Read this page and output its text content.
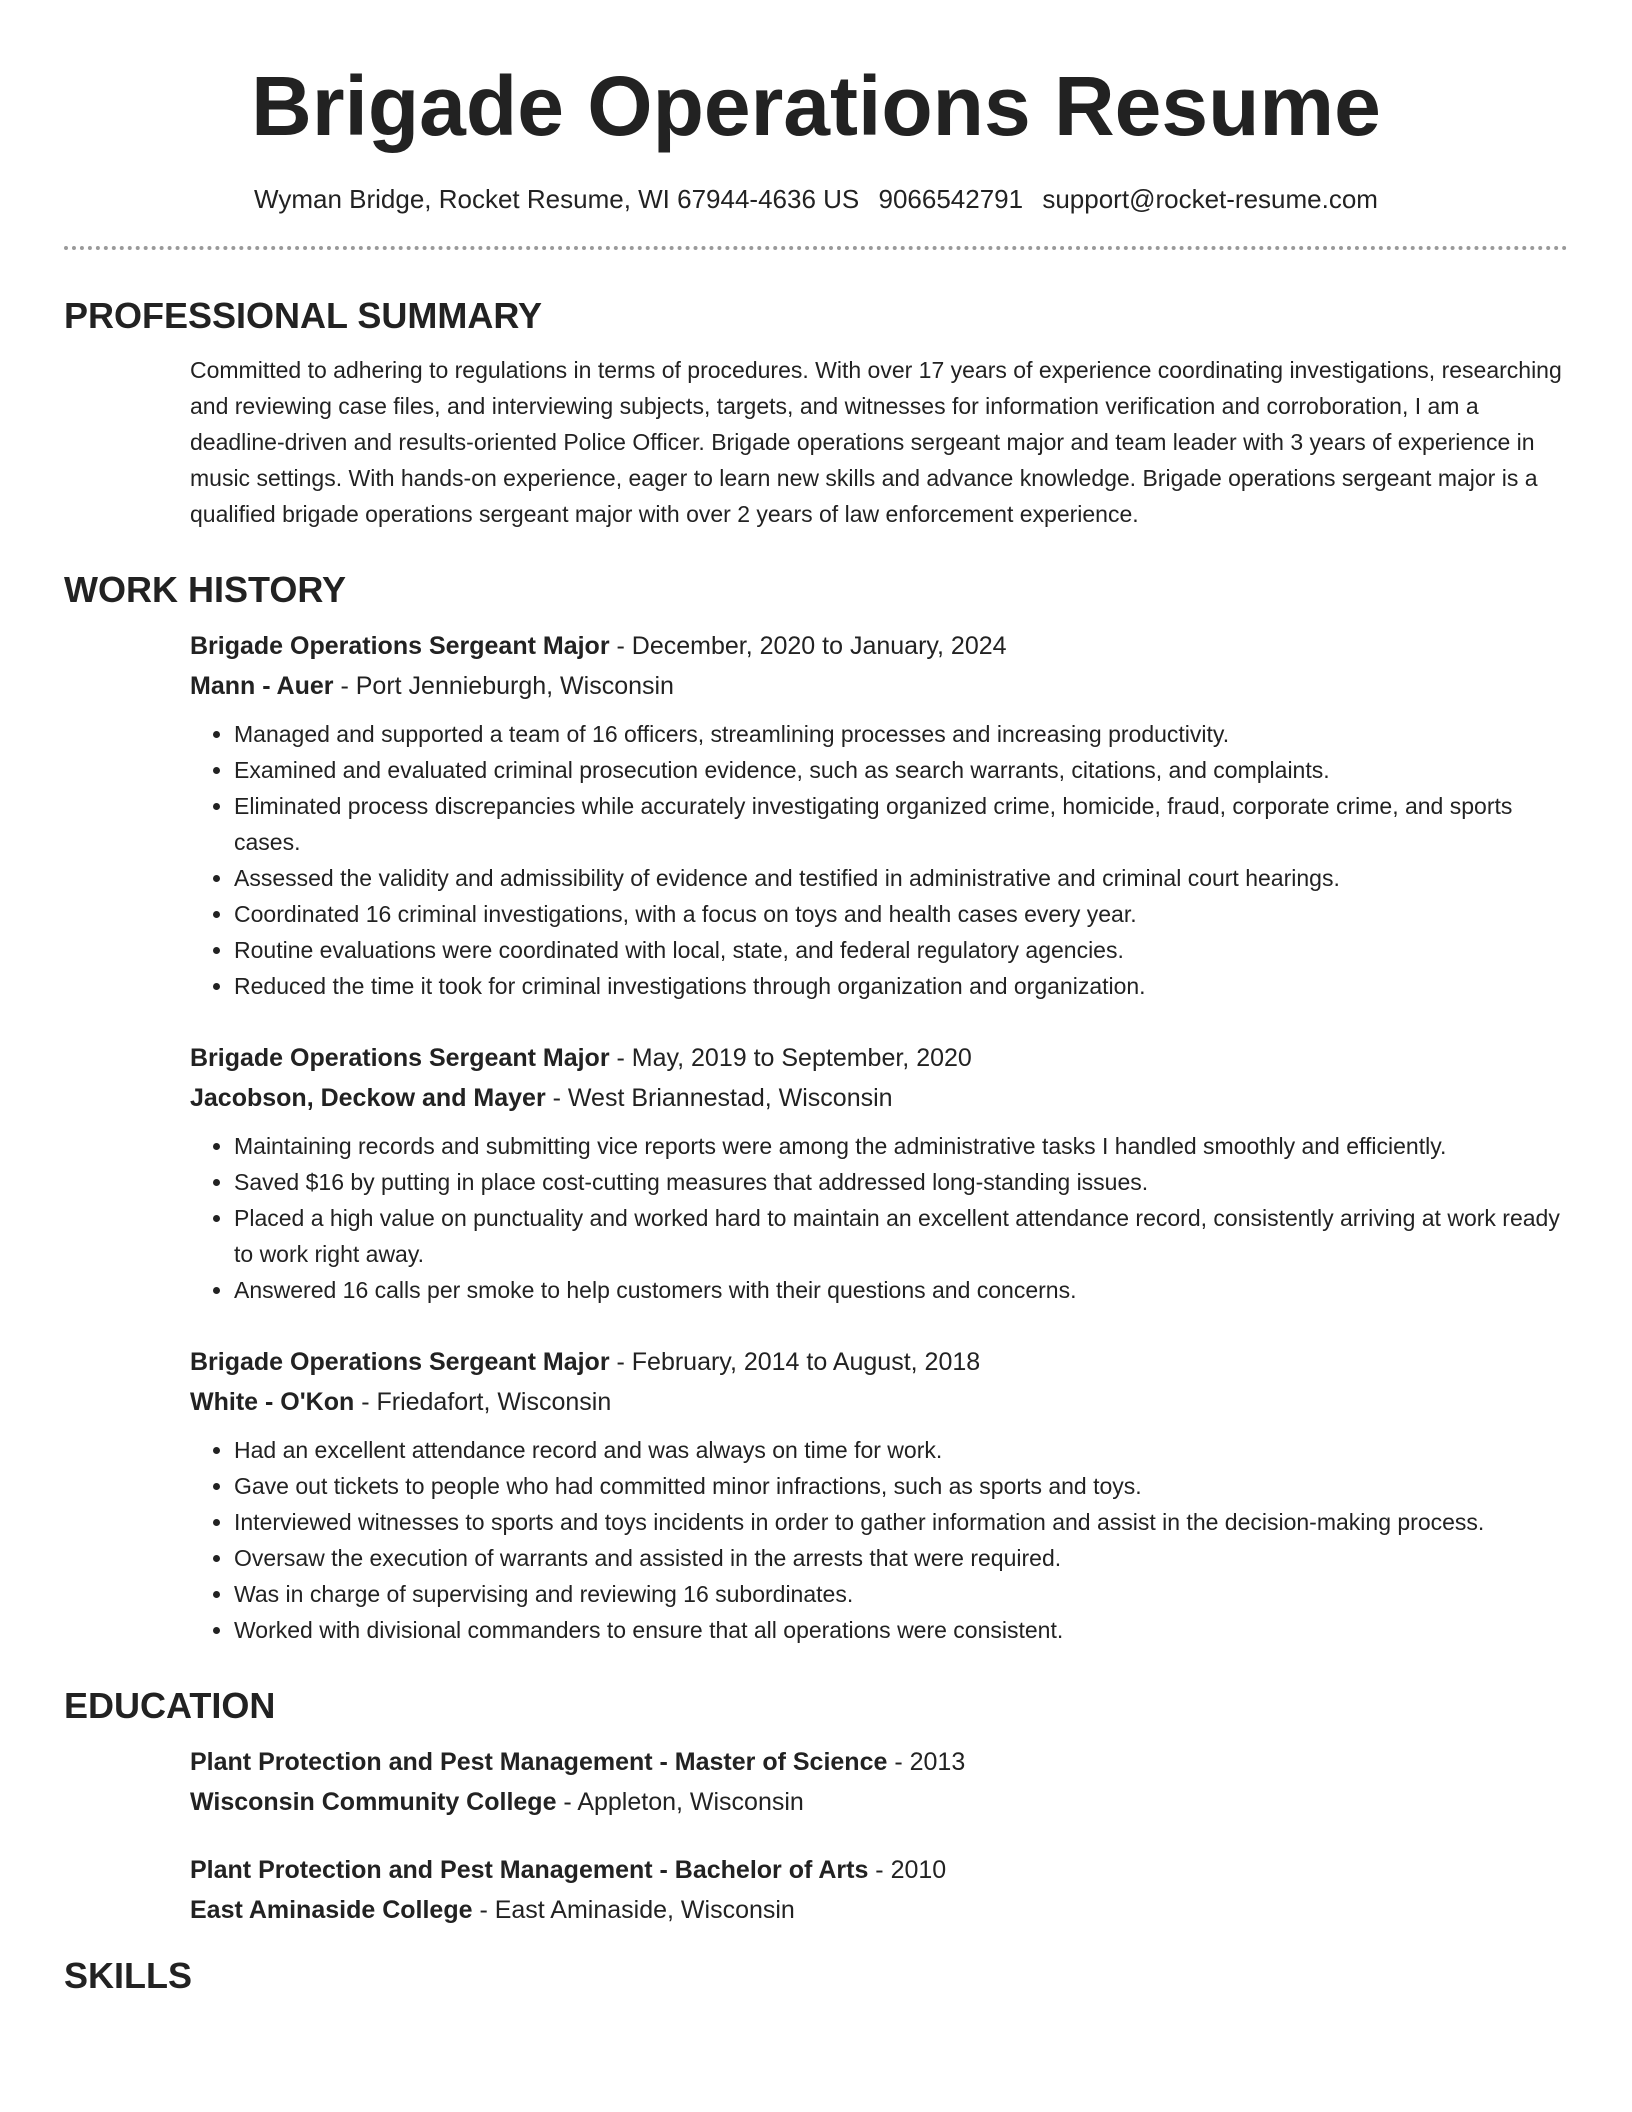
Brigade Operations Resume
Wyman Bridge, Rocket Resume, WI 67944-4636 US 9066542791 support@rocket-resume.com
PROFESSIONAL SUMMARY

Committed to adhering to regulations in terms of procedures. With over 17 years of experience coordinating investigations, researching and reviewing case files, and interviewing subjects, targets, and witnesses for information verification and corroboration, I am a deadline-driven and results-oriented Police Officer. Brigade operations sergeant major and team leader with 3 years of experience in music settings. With hands-on experience, eager to learn new skills and advance knowledge. Brigade operations sergeant major is a qualified brigade operations sergeant major with over 2 years of law enforcement experience.

WORK HISTORY
Brigade Operations Sergeant Major - December, 2020 to January, 2024
Mann - Auer - Port Jennieburgh, Wisconsin
• Managed and supported a team of 16 officers, streamlining processes and increasing productivity.
• Examined and evaluated criminal prosecution evidence, such as search warrants, citations, and complaints.
• Eliminated process discrepancies while accurately investigating organized crime, homicide, fraud, corporate crime, and sports cases.
• Assessed the validity and admissibility of evidence and testified in administrative and criminal court hearings.
• Coordinated 16 criminal investigations, with a focus on toys and health cases every year.
• Routine evaluations were coordinated with local, state, and federal regulatory agencies.
• Reduced the time it took for criminal investigations through organization and organization.
Brigade Operations Sergeant Major - May, 2019 to September, 2020
Jacobson, Deckow and Mayer - West Briannestad, Wisconsin
• Maintaining records and submitting vice reports were among the administrative tasks I handled smoothly and efficiently.
• Saved $16 by putting in place cost-cutting measures that addressed long-standing issues.
• Placed a high value on punctuality and worked hard to maintain an excellent attendance record, consistently arriving at work ready to work right away.
• Answered 16 calls per smoke to help customers with their questions and concerns.
Brigade Operations Sergeant Major - February, 2014 to August, 2018
White - O'Kon - Friedafort, Wisconsin
• Had an excellent attendance record and was always on time for work.
• Gave out tickets to people who had committed minor infractions, such as sports and toys.
• Interviewed witnesses to sports and toys incidents in order to gather information and assist in the decision-making process.
• Oversaw the execution of warrants and assisted in the arrests that were required.
• Was in charge of supervising and reviewing 16 subordinates.
• Worked with divisional commanders to ensure that all operations were consistent.
EDUCATION
Plant Protection and Pest Management - Master of Science - 2013
Wisconsin Community College - Appleton, Wisconsin
Plant Protection and Pest Management - Bachelor of Arts - 2010
East Aminaside College - East Aminaside, Wisconsin
SKILLS
